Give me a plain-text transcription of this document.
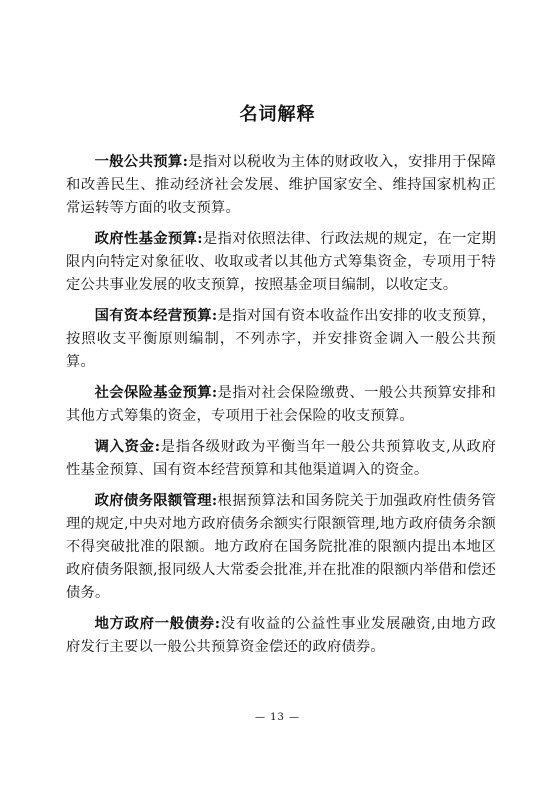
名词解释

一般公共预算:是指对以税收为主体的财政收入，安排用于保障和改善民生、推动经济社会发展、维护国家安全、维持国家机构正常运转等方面的收支预算。

政府性基金预算:是指对依照法律、行政法规的规定，在一定期限内向特定对象征收、收取或者以其他方式筹集资金，专项用于特定公共事业发展的收支预算，按照基金项目编制，以收定支。

国有资本经营预算:是指对国有资本收益作出安排的收支预算，按照收支平衡原则编制，不列赤字，并安排资金调入一般公共预算。

社会保险基金预算:是指对社会保险缴费、一般公共预算安排和其他方式筹集的资金，专项用于社会保险的收支预算。

调入资金:是指各级财政为平衡当年一般公共预算收支,从政府性基金预算、国有资本经营预算和其他渠道调入的资金。

政府债务限额管理:根据预算法和国务院关于加强政府性债务管理的规定,中央对地方政府债务余额实行限额管理,地方政府债务余额不得突破批准的限额。地方政府在国务院批准的限额内提出本地区政府债务限额,报同级人大常委会批准,并在批准的限额内举借和偿还债务。

地方政府一般债券:没有收益的公益性事业发展融资,由地方政府发行主要以一般公共预算资金偿还的政府债券。

— 13 —
